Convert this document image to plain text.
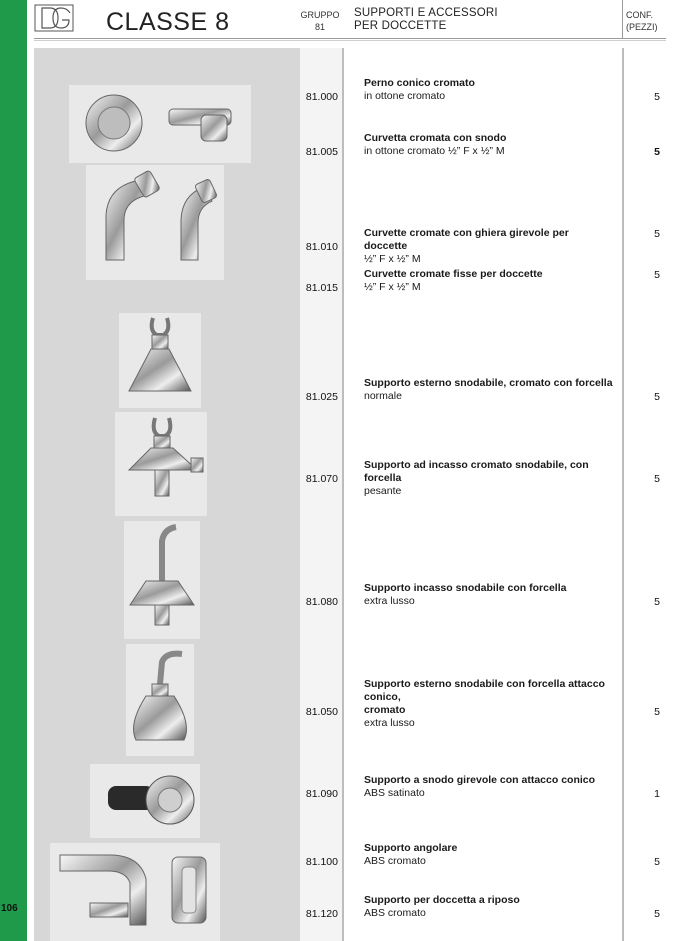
106
CLASSE 8	GRUPPO
81
SUPPORTI E ACCESSORI
PER DOCCETTE
CONF.
(PEZZI)
81.000
Perno conico cromato
in ottone cromato	5
81.005
Curvetta cromata con snodo
in ottone cromato ½” F x ½” M	5
81.010
Curvette cromate con ghiera girevole per doccette
½” F x ½” M
5
81.015
Curvette cromate fisse per doccette
½” F x ½” M
5
81.025
Supporto esterno snodabile, cromato con forcella
normale	5
81.070
Supporto ad incasso cromato snodabile, con forcella
pesante
5
81.080
Supporto incasso snodabile con forcella
extra lusso	5
81.050
Supporto esterno snodabile con forcella attacco conico,
cromato
extra lusso
5
81.090
Supporto a snodo girevole con attacco conico
ABS satinato	1
81.100
Supporto angolare
ABS cromato	5
81.120
Supporto per doccetta a riposo
ABS cromato	5
